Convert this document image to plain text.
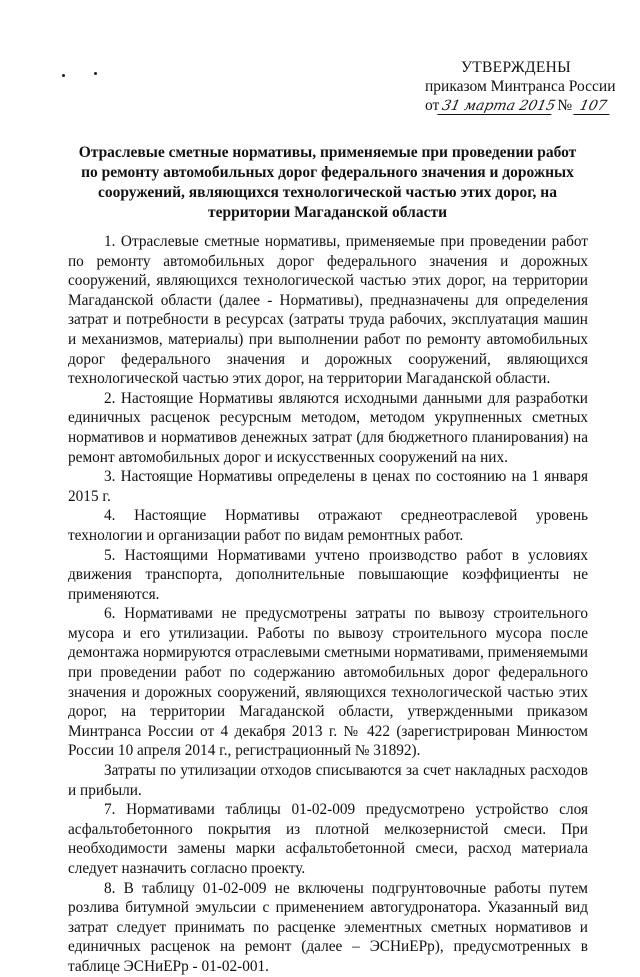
УТВЕРЖДЕНЫ
приказом Минтранса России
от 31 марта 2015№ 107
Отраслевые сметные нормативы, применяемые при проведении работ по ремонту автомобильных дорог федерального значения и дорожных сооружений, являющихся технологической частью этих дорог, на территории Магаданской области

1. Отраслевые сметные нормативы, применяемые при проведении работ по ремонту автомобильных дорог федерального значения и дорожных сооружений, являющихся технологической частью этих дорог, на территории Магаданской области (далее - Нормативы), предназначены для определения затрат и потребности в ресурсах (затраты труда рабочих, эксплуатация машин и механизмов, материалы) при выполнении работ по ремонту автомобильных дорог федерального значения и дорожных сооружений, являющихся технологической частью этих дорог, на территории Магаданской области.

2. Настоящие Нормативы являются исходными данными для разработки единичных расценок ресурсным методом, методом укрупненных сметных нормативов и нормативов денежных затрат (для бюджетного планирования) на ремонт автомобильных дорог и искусственных сооружений на них.

3. Настоящие Нормативы определены в ценах по состоянию на 1 января 2015 г.

4. Настоящие Нормативы отражают среднеотраслевой уровень технологии и организации работ по видам ремонтных работ.

5. Настоящими Нормативами учтено производство работ в условиях движения транспорта, дополнительные повышающие коэффициенты не применяются.

6. Нормативами не предусмотрены затраты по вывозу строительного мусора и его утилизации. Работы по вывозу строительного мусора после демонтажа нормируются отраслевыми сметными нормативами, применяемыми при проведении работ по содержанию автомобильных дорог федерального значения и дорожных сооружений, являющихся технологической частью этих дорог, на территории Магаданской области, утвержденными приказом Минтранса России от 4 декабря 2013 г. № 422 (зарегистрирован Минюстом России 10 апреля 2014 г., регистрационный № 31892).

Затраты по утилизации отходов списываются за счет накладных расходов и прибыли.

7. Нормативами таблицы 01-02-009 предусмотрено устройство слоя асфальтобетонного покрытия из плотной мелкозернистой смеси. При необходимости замены марки асфальтобетонной смеси, расход материала следует назначить согласно проекту.

8. В таблицу 01-02-009 не включены подгрунтовочные работы путем розлива битумной эмульсии с применением автогудронатора. Указанный вид затрат следует принимать по расценке элементных сметных нормативов и единичных расценок на ремонт (далее – ЭСНиЕРр), предусмотренных в таблице ЭСНиЕРр - 01-02-001.
